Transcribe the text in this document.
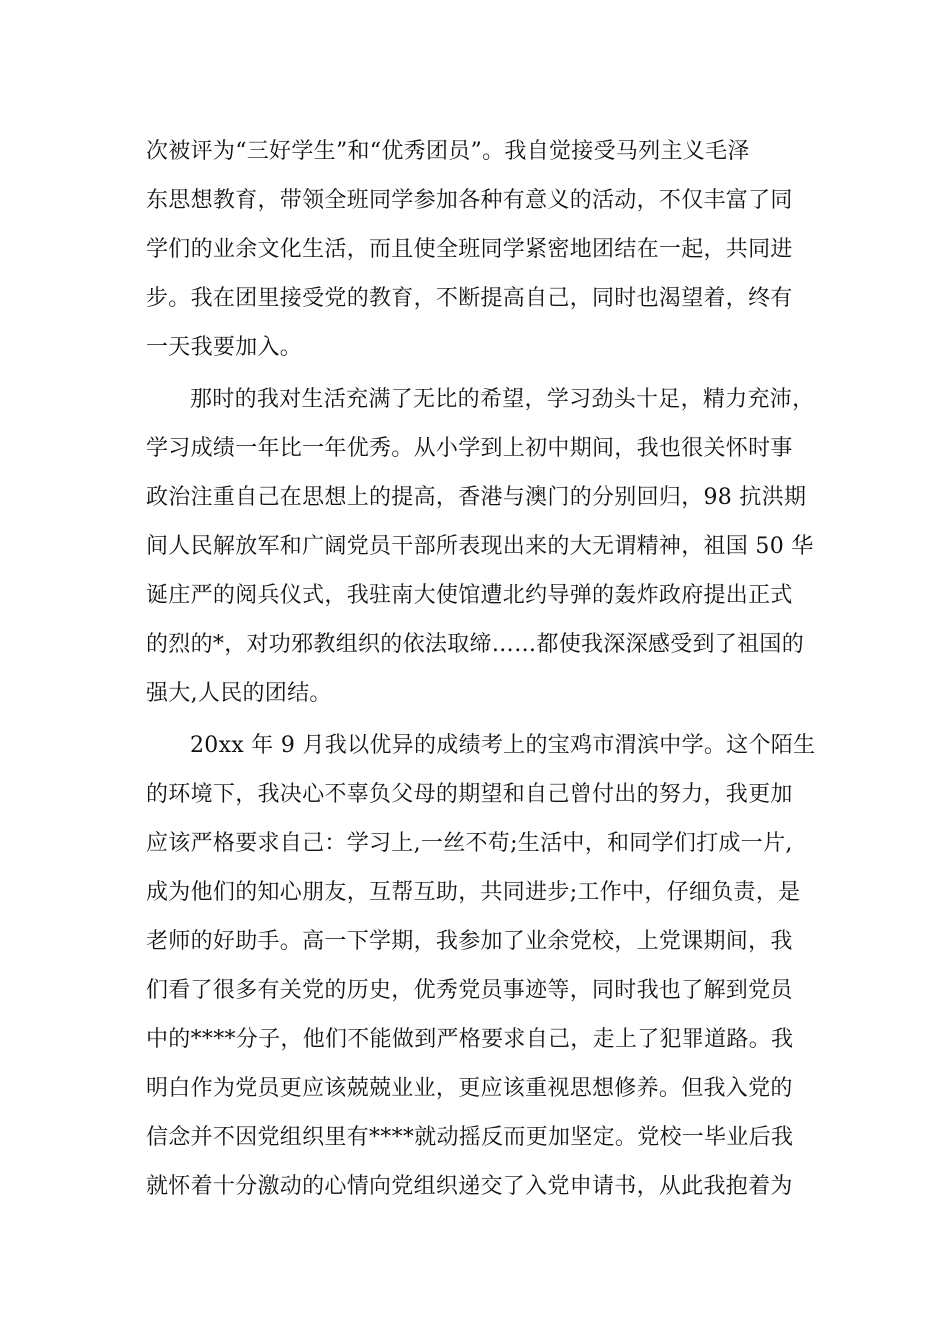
次被评为“三好学生”和“优秀团员”。我自觉接受马列主义毛泽
东思想教育，带领全班同学参加各种有意义的活动，不仅丰富了同
学们的业余文化生活，而且使全班同学紧密地团结在一起，共同进
步。我在团里接受党的教育，不断提高自己，同时也渴望着，终有
一天我要加入。
那时的我对生活充满了无比的希望，学习劲头十足，精力充沛，
学习成绩一年比一年优秀。从小学到上初中期间，我也很关怀时事
政治注重自己在思想上的提高，香港与澳门的分别回归，98 抗洪期
间人民解放军和广阔党员干部所表现出来的大无谓精神，祖国 50 华
诞庄严的阅兵仪式，我驻南大使馆遭北约导弹的轰炸政府提出正式
的烈的*，对功邪教组织的依法取缔……都使我深深感受到了祖国的
强大,人民的团结。
20xx 年 9 月我以优异的成绩考上的宝鸡市渭滨中学。这个陌生
的环境下，我决心不辜负父母的期望和自己曾付出的努力，我更加
应该严格要求自己：学习上,一丝不苟;生活中，和同学们打成一片,
成为他们的知心朋友，互帮互助，共同进步;工作中，仔细负责，是
老师的好助手。高一下学期，我参加了业余党校，上党课期间，我
们看了很多有关党的历史，优秀党员事迹等，同时我也了解到党员
中的****分子，他们不能做到严格要求自己，走上了犯罪道路。我
明白作为党员更应该兢兢业业，更应该重视思想修养。但我入党的
信念并不因党组织里有****就动摇反而更加坚定。党校一毕业后我
就怀着十分激动的心情向党组织递交了入党申请书，从此我抱着为
